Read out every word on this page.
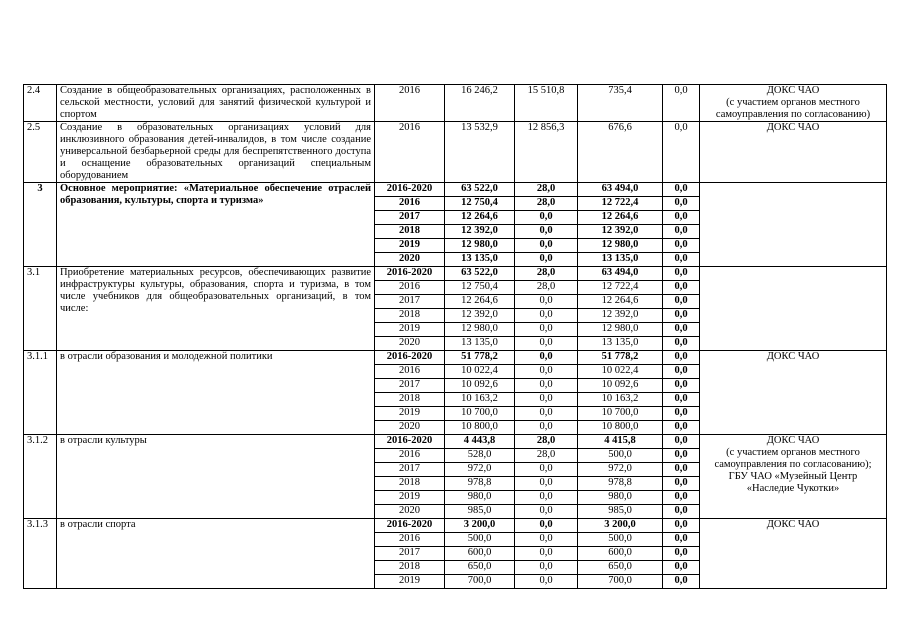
2.4	Создание в общеобразовательных организациях, расположенных в сельской местности, условий для занятий физической культурой и спортом	2016	16 246,2	15 510,8	735,4	0,0	ДОКС ЧАО
(с участием органов местного
самоуправления по согласованию)

2.5	Создание в образовательных организациях условий для инклюзивного образования детей-инвалидов, в том числе создание универсальной безбарьерной среды для беспрепятственного доступа и оснащение образовательных организаций специальным оборудованием	2016	13 532,9	12 856,3	676,6	0,0	ДОКС ЧАО

3	Основное мероприятие: «Материальное обеспечение отраслей образования, культуры, спорта и туризма»	2016-2020	63 522,0	28,0	63 494,0	0,0	
		2016	12 750,4	28,0	12 722,4	0,0	
		2017	12 264,6	0,0	12 264,6	0,0	
		2018	12 392,0	0,0	12 392,0	0,0	
		2019	12 980,0	0,0	12 980,0	0,0	
		2020	13 135,0	0,0	13 135,0	0,0	
3.1	Приобретение материальных ресурсов, обеспечивающих развитие инфраструктуры культуры, образования, спорта и туризма, в том числе учебников для общеобразовательных организаций, в том числе:	2016-2020	63 522,0	28,0	63 494,0	0,0	
		2016	12 750,4	28,0	12 722,4	0,0	
		2017	12 264,6	0,0	12 264,6	0,0	
		2018	12 392,0	0,0	12 392,0	0,0	
		2019	12 980,0	0,0	12 980,0	0,0	
		2020	13 135,0	0,0	13 135,0	0,0	
3.1.1	в отрасли образования и молодежной политики	2016-2020	51 778,2	0,0	51 778,2	0,0	ДОКС ЧАО

		2016	10 022,4	0,0	10 022,4	0,0	
		2017	10 092,6	0,0	10 092,6	0,0	
		2018	10 163,2	0,0	10 163,2	0,0	
		2019	10 700,0	0,0	10 700,0	0,0	
		2020	10 800,0	0,0	10 800,0	0,0	
3.1.2	в отрасли культуры	2016-2020	4 443,8	28,0	4 415,8	0,0	ДОКС ЧАО
(с участием органов местного
самоуправления по согласованию);
ГБУ ЧАО «Музейный Центр
«Наследие Чукотки»

		2016	528,0	28,0	500,0	0,0	
		2017	972,0	0,0	972,0	0,0	
		2018	978,8	0,0	978,8	0,0	
		2019	980,0	0,0	980,0	0,0	
		2020	985,0	0,0	985,0	0,0	
3.1.3	в отрасли спорта	2016-2020	3 200,0	0,0	3 200,0	0,0	ДОКС ЧАО

		2016	500,0	0,0	500,0	0,0	
		2017	600,0	0,0	600,0	0,0	
		2018	650,0	0,0	650,0	0,0	
		2019	700,0	0,0	700,0	0,0	
